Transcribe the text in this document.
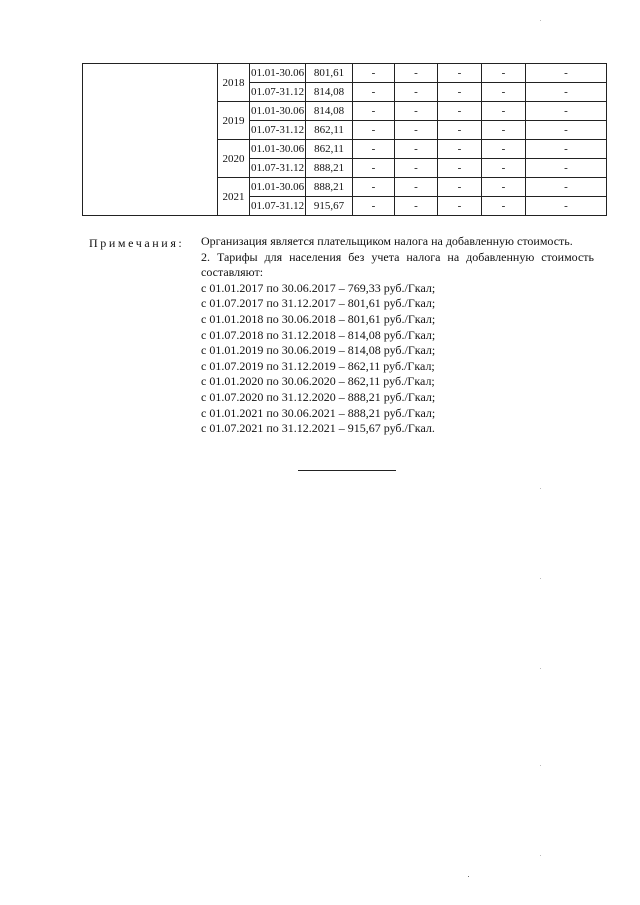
	2018	01.01-30.06	801,61	-	-	-	-	-
		01.07-31.12	814,08	-	-	-	-	-
	2019	01.01-30.06	814,08	-	-	-	-	-
		01.07-31.12	862,11	-	-	-	-	-
	2020	01.01-30.06	862,11	-	-	-	-	-
		01.07-31.12	888,21	-	-	-	-	-
	2021	01.01-30.06	888,21	-	-	-	-	-
		01.07-31.12	915,67	-	-	-	-	-
Примечания: Организация является плательщиком налога на добавленную стоимость.

2. Тарифы для населения без учета налога на добавленную стоимость

составляют:

с 01.01.2017 по 30.06.2017 – 769,33 руб./Гкал;

с 01.07.2017 по 31.12.2017 – 801,61 руб./Гкал;

с 01.01.2018 по 30.06.2018 – 801,61 руб./Гкал;

с 01.07.2018 по 31.12.2018 – 814,08 руб./Гкал;

с 01.01.2019 по 30.06.2019 – 814,08 руб./Гкал;

с 01.07.2019 по 31.12.2019 – 862,11 руб./Гкал;

с 01.01.2020 по 30.06.2020 – 862,11 руб./Гкал;

с 01.07.2020 по 31.12.2020 – 888,21 руб./Гкал;

с 01.01.2021 по 30.06.2021 – 888,21 руб./Гкал;

с 01.07.2021 по 31.12.2021 – 915,67 руб./Гкал.
